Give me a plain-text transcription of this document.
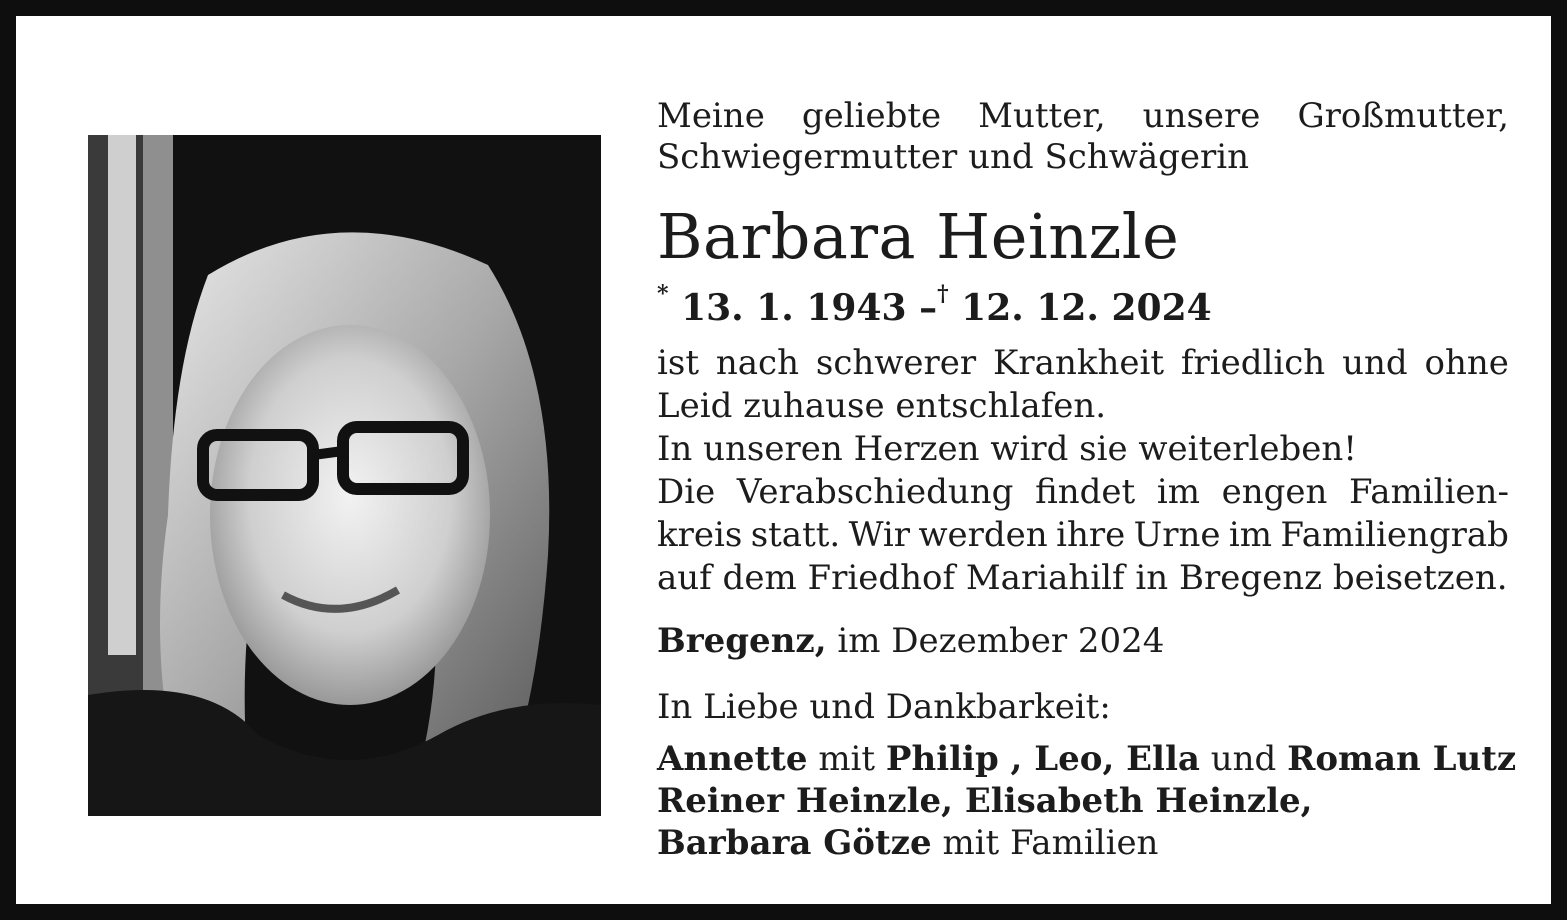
Meine geliebte Mutter, unsere Großmutter,
Schwiegermutter und Schwägerin
Barbara Heinzle
* 13. 1. 1943 –† 12. 12. 2024
ist nach schwerer Krankheit friedlich und ohne
Leid zuhause entschlafen.
In unseren Herzen wird sie weiterleben!
Die Verabschiedung findet im engen Familien-
kreis statt. Wir werden ihre Urne im Familiengrab
auf dem Friedhof Mariahilf in Bregenz beisetzen.
Bregenz, im Dezember 2024
In Liebe und Dankbarkeit:
Annette mit Philip , Leo, Ella und Roman Lutz
Reiner Heinzle, Elisabeth Heinzle,
Barbara Götze mit Familien
